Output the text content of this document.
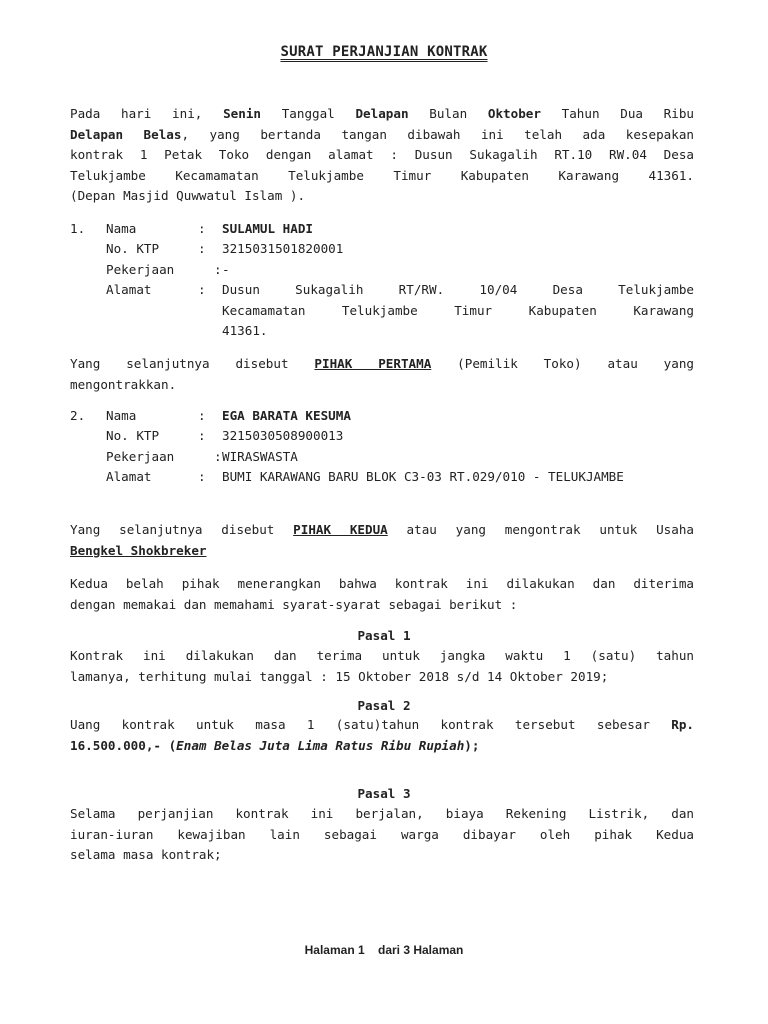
SURAT PERJANJIAN KONTRAK
Pada hari ini, Senin Tanggal Delapan Bulan Oktober Tahun Dua Ribu
Delapan Belas, yang bertanda tangan dibawah ini telah ada kesepakan
kontrak 1 Petak Toko dengan alamat : Dusun Sukagalih RT.10 RW.04 Desa
Telukjambe Kecamamatan Telukjambe Timur Kabupaten Karawang 41361.
(Depan Masjid Quwwatul Islam ).
1.	Nama	:	SULAMUL HADI
No. KTP	:	3215031501820001
Pekerjaan	: -
Alamat	:	Dusun Sukagalih RT/RW. 10/04 Desa Telukjambe
Kecamamatan Telukjambe Timur Kabupaten Karawang
41361.
Yang selanjutnya disebut PIHAK PERTAMA (Pemilik Toko) atau yang
mengontrakkan.
2.	Nama	:	EGA BARATA KESUMA
No. KTP	:	3215030508900013
Pekerjaan	: WIRASWASTA
Alamat	:	BUMI KARAWANG BARU BLOK C3-03 RT.029/010 - TELUKJAMBE
Yang selanjutnya disebut PIHAK KEDUA atau yang mengontrak untuk Usaha
Bengkel Shokbreker
Kedua belah pihak menerangkan bahwa kontrak ini dilakukan dan diterima
dengan memakai dan memahami syarat-syarat sebagai berikut :
Pasal 1
Kontrak ini dilakukan dan terima untuk jangka waktu 1 (satu) tahun
lamanya, terhitung mulai tanggal : 15 Oktober 2018 s/d 14 Oktober 2019;
Pasal 2
Uang kontrak untuk masa 1 (satu)tahun kontrak tersebut sebesar Rp.
16.500.000,- (Enam Belas Juta Lima Ratus Ribu Rupiah);
Pasal 3
Selama perjanjian kontrak ini berjalan, biaya Rekening Listrik, dan
iuran-iuran kewajiban lain sebagai warga dibayar oleh pihak Kedua
selama masa kontrak;
Halaman 1    dari 3 Halaman
